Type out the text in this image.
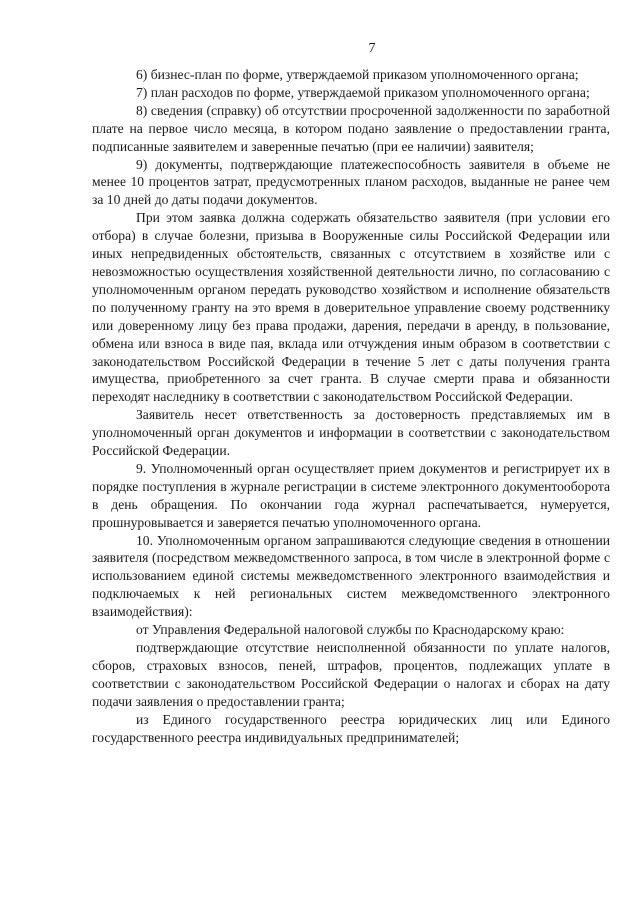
7

6) бизнес-план по форме, утверждаемой приказом уполномоченного органа;

7) план расходов по форме, утверждаемой приказом уполномоченного органа;

8) сведения (справку) об отсутствии просроченной задолженности по заработной плате на первое число месяца, в котором подано заявление о предоставлении гранта, подписанные заявителем и заверенные печатью (при ее наличии) заявителя;

9) документы, подтверждающие платежеспособность заявителя в объеме не менее 10 процентов затрат, предусмотренных планом расходов, выданные не ранее чем за 10 дней до даты подачи документов.

При этом заявка должна содержать обязательство заявителя (при условии его отбора) в случае болезни, призыва в Вооруженные силы Российской Федерации или иных непредвиденных обстоятельств, связанных с отсутствием в хозяйстве или с невозможностью осуществления хозяйственной деятельности лично, по согласованию с уполномоченным органом передать руководство хозяйством и исполнение обязательств по полученному гранту на это время в доверительное управление своему родственнику или доверенному лицу без права продажи, дарения, передачи в аренду, в пользование, обмена или взноса в виде пая, вклада или отчуждения иным образом в соответствии с законодательством Российской Федерации в течение 5 лет с даты получения гранта имущества, приобретенного за счет гранта. В случае смерти права и обязанности переходят наследнику в соответствии с законодательством Российской Федерации.

Заявитель несет ответственность за достоверность представляемых им в уполномоченный орган документов и информации в соответствии с законодательством Российской Федерации.

9. Уполномоченный орган осуществляет прием документов и регистрирует их в порядке поступления в журнале регистрации в системе электронного документооборота в день обращения. По окончании года журнал распечатывается, нумеруется, прошнуровывается и заверяется печатью уполномоченного органа.

10. Уполномоченным органом запрашиваются следующие сведения в отношении заявителя (посредством межведомственного запроса, в том числе в электронной форме с использованием единой системы межведомственного электронного взаимодействия и подключаемых к ней региональных систем межведомственного электронного взаимодействия):

от Управления Федеральной налоговой службы по Краснодарскому краю:

подтверждающие отсутствие неисполненной обязанности по уплате налогов, сборов, страховых взносов, пеней, штрафов, процентов, подлежащих уплате в соответствии с законодательством Российской Федерации о налогах и сборах на дату подачи заявления о предоставлении гранта;

из Единого государственного реестра юридических лиц или Единого государственного реестра индивидуальных предпринимателей;
